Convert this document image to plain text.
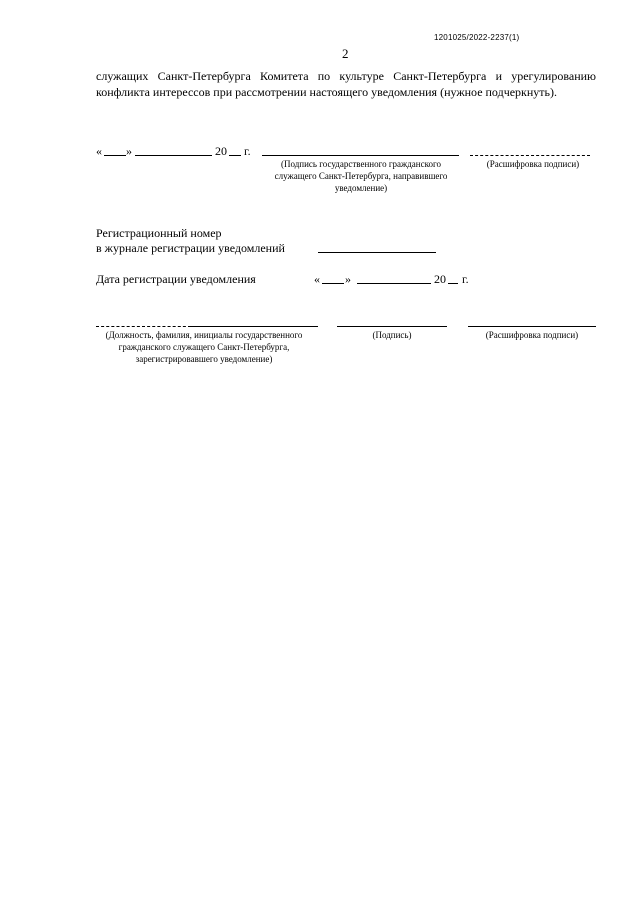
1201025/2022-2237(1)
2
служащих Санкт-Петербурга Комитета по культуре Санкт-Петербурга и урегулированию
конфликта интерессов при рассмотрении настоящего уведомления (нужное подчеркнуть).
« »	20 г.
(Подпись государственного гражданского служащего Санкт-Петербурга, направившего уведомление)
(Расшифровка подписи)
Регистрационный номер
в журнале регистрации уведомлений
Дата регистрации уведомления	« »	20 г.
(Должность, фамилия, инициалы государственного гражданского служащего Санкт-Петербурга, зарегистрировавшего уведомление)
(Подпись)	(Расшифровка подписи)
